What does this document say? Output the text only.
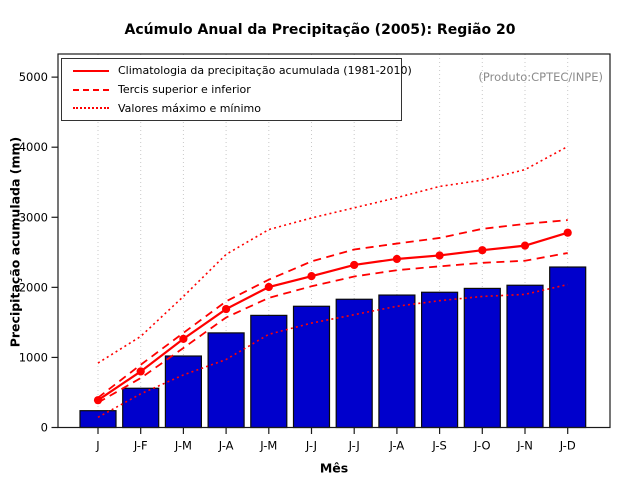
Acúmulo Anual da Precipitação (2005): Região 20
0
1000
2000
3000
4000
5000
J	J-F J-M J-A J-M J-J	J-J	J-A J-S J-O J-N J-D
Climatologia da precipitação acumulada (1981-2010)
Tercis superior e inferior
Valores máximo e mínimo
(Produto:CPTEC/INPE)
Precipitação acumulada (mm)
Mês
